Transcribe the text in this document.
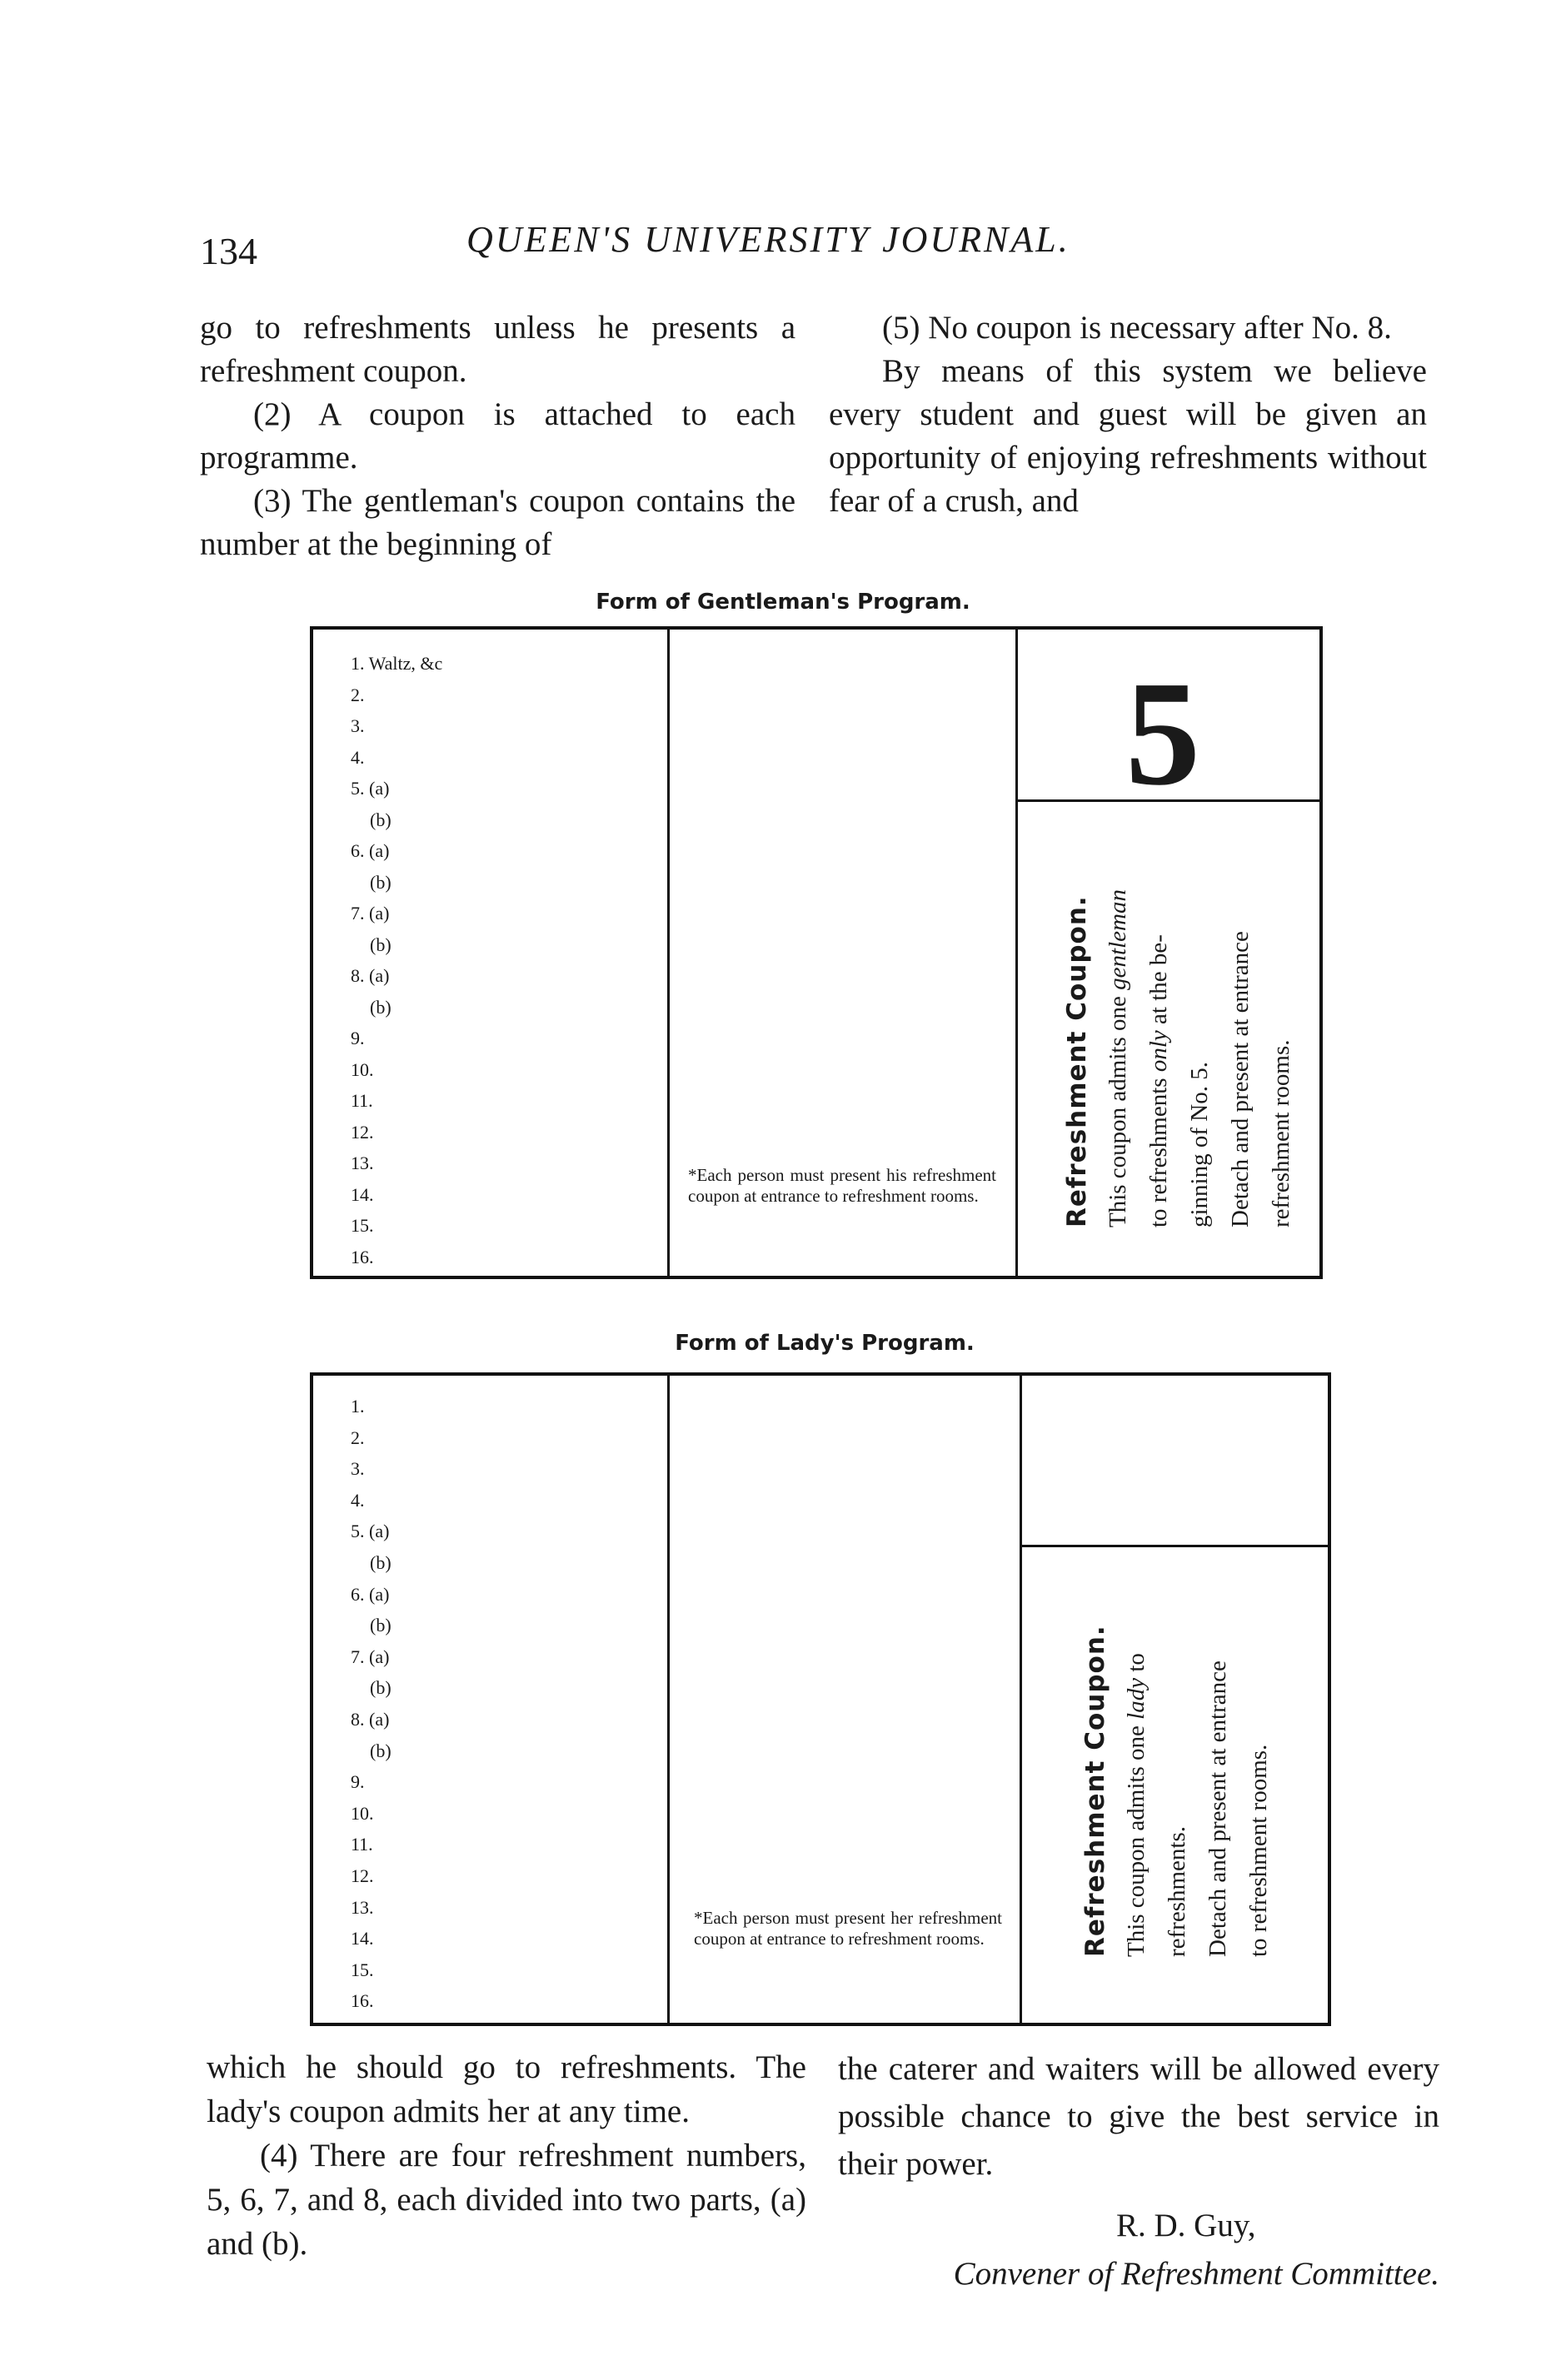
134	QUEEN'S UNIVERSITY JOURNAL.

go to refreshments unless he presents a refreshment coupon.

(2) A coupon is attached to each programme.

(3) The gentleman's coupon contains the number at the beginning of

(5) No coupon is necessary after No. 8.

By means of this system we believe every student and guest will be given an opportunity of enjoying refreshments without fear of a crush, and

Form of Gentleman's Program.
1. Waltz, &c
2.
3.
4.
5. (a)
(b)
6. (a)
(b)
7. (a)
(b)
8. (a)
(b)
9.
10.
11.
12.
13.
14.
15.
16.
*Each person must present his refreshment coupon at entrance to refreshment rooms.
5
Refreshment Coupon. This coupon admits one gentleman
to refreshments only at the be-
ginning of No. 5. Detach and present at entrance refreshment rooms.
Form of Lady's Program.
1.
2.
3.
4.
5. (a)
(b)
6. (a)
(b)
7. (a)
(b)
8. (a)
(b)
9.
10.
11.
12.
13.
14.
15.
16.
*Each person must present her refreshment coupon at entrance to refreshment rooms.	Refreshment Coupon. This coupon admits one lady to
refreshments. Detach and present at entrance to refreshment rooms.

which he should go to refreshments. The lady's coupon admits her at any time.

(4) There are four refreshment numbers, 5, 6, 7, and 8, each divided into two parts, (a) and (b).

the caterer and waiters will be allowed every possible chance to give the best service in their power.

R. D. Guy,
Convener of Refreshment Committee.
